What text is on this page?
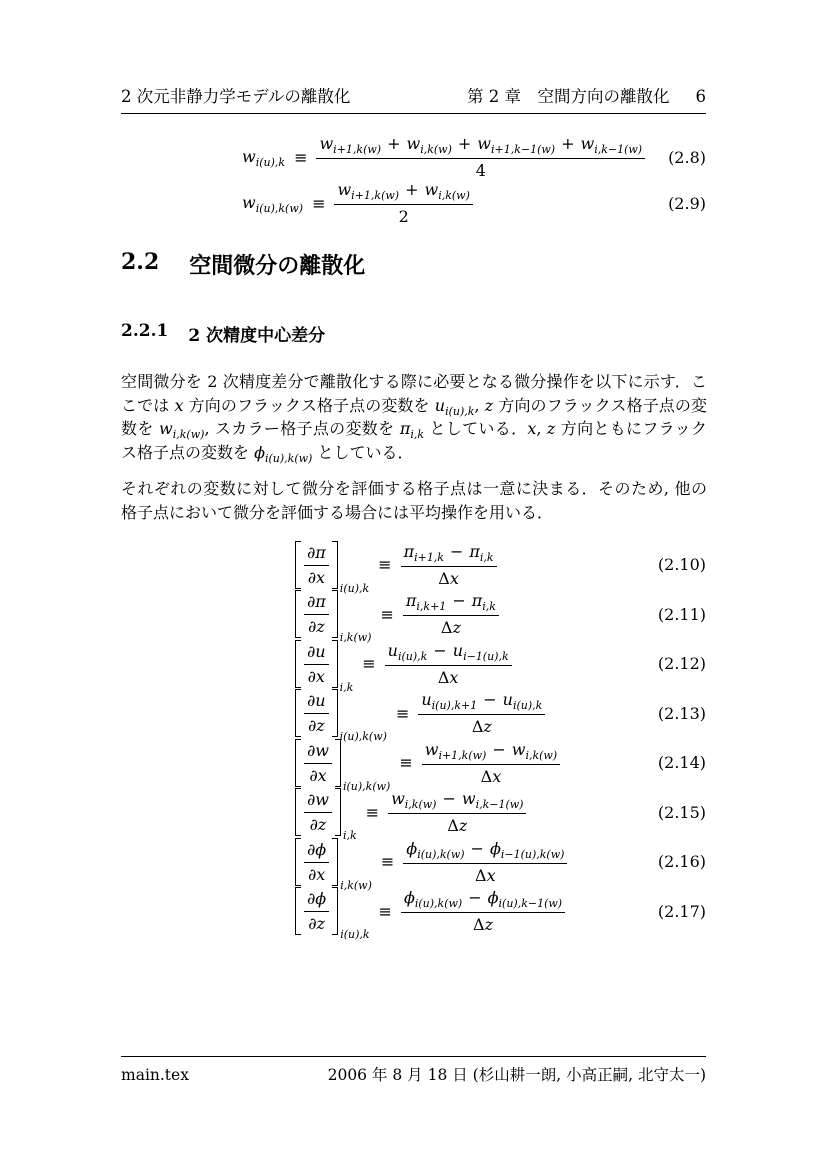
2 次元非静力学モデルの離散化	第 2 章　空間方向の離散化 6
$w_{i(u),k} \equiv \frac{w_{i+1,k(w)} + w_{i,k(w)} + w_{i+1,k-1(w)} + w_{i,k-1(w)}}{4} (2.8)$
$w_{i(u),k(w)} \equiv \frac{w_{i+1,k(w)} + w_{i,k(w)}}{2}$	(2.9)
2.2 空間微分の離散化
2.2.1 2 次精度中心差分

空間微分を 2 次精度差分で離散化する際に必要となる微分操作を以下に示す．ここでは x 方向のフラックス格子点の変数を $u_{i(u),k}$, z 方向のフラックス格子点の変数を $w_{i,k(w)}$, スカラー格子点の変数を $\pi_{i,k}$ としている．x, z 方向ともにフラックス格子点の変数を $\phi_{i(u),k(w)}$ としている．

それぞれの変数に対して微分を評価する格子点は一意に決まる．そのため, 他の格子点において微分を評価する場合には平均操作を用いる．

$\frac{\partial\pi}{\partial x}$
i(u),k
≡ $\frac{\pi_{i+1,k} - \pi_{i,k}}{\Delta x}$	(2.10)
$\frac{\partial\pi}{\partial z}$
i,k(w)
≡ $\frac{\pi_{i,k+1} - \pi_{i,k}}{\Delta z}$	(2.11)
$\frac{\partial u}{\partial x}$
i,k
≡ $\frac{u_{i(u),k} - u_{i-1(u),k}}{\Delta x}$	(2.12)
$\frac{\partial u}{\partial z}$
i(u),k(w)
≡ $\frac{u_{i(u),k+1} - u_{i(u),k}}{\Delta z}$	(2.13)
$\frac{\partial w}{\partial x}$
i(u),k(w)
≡ $\frac{w_{i+1,k(w)} - w_{i,k(w)}}{\Delta x}$	(2.14)
$\frac{\partial w}{\partial z}$
i,k
≡ $\frac{w_{i,k(w)} - w_{i,k-1(w)}}{\Delta z}$	(2.15)
$\frac{\partial\phi}{\partial x}$
i,k(w)
≡ $\frac{\phi_{i(u),k(w)} - \phi_{i-1(u),k(w)}}{\Delta x}$	(2.16)
$\frac{\partial\phi}{\partial z}$
i(u),k
≡ $\frac{\phi_{i(u),k(w)} - \phi_{i(u),k-1(w)}}{\Delta z}$	(2.17)
main.tex	2006 年 8 月 18 日 (杉山耕一朗, 小高正嗣, 北守太一)
